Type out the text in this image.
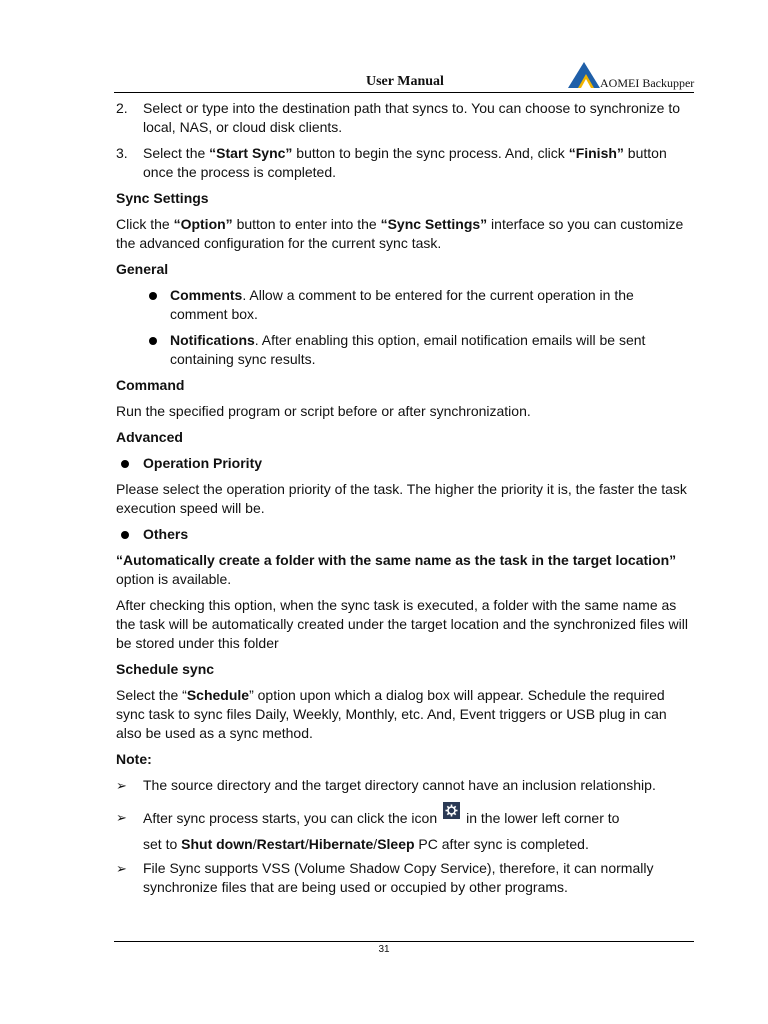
User Manual	AOMEI Backupper

2. Select or type into the destination path that syncs to. You can choose to synchronize to local, NAS, or cloud disk clients.

3. Select the “Start Sync” button to begin the sync process. And, click “Finish” button once the process is completed.

Sync Settings

Click the “Option” button to enter into the “Sync Settings” interface so you can customize the advanced configuration for the current sync task.

General

Comments. Allow a comment to be entered for the current operation in the comment box.

Notifications. After enabling this option, email notification emails will be sent containing sync results.

Command

Run the specified program or script before or after synchronization.

Advanced

Operation Priority

Please select the operation priority of the task. The higher the priority it is, the faster the task execution speed will be.

Others

“Automatically create a folder with the same name as the task in the target location” option is available.

After checking this option, when the sync task is executed, a folder with the same name as the task will be automatically created under the target location and the synchronized files will be stored under this folder

Schedule sync

Select the “Schedule” option upon which a dialog box will appear. Schedule the required sync task to sync files Daily, Weekly, Monthly, etc. And, Event triggers or USB plug in can also be used as a sync method.

Note:

➢ The source directory and the target directory cannot have an inclusion relationship.

➢ After sync process starts, you can click the icon in the lower left corner to
set to Shut down/Restart/Hibernate/Sleep PC after sync is completed.

➢ File Sync supports VSS (Volume Shadow Copy Service), therefore, it can normally synchronize files that are being used or occupied by other programs.

31
